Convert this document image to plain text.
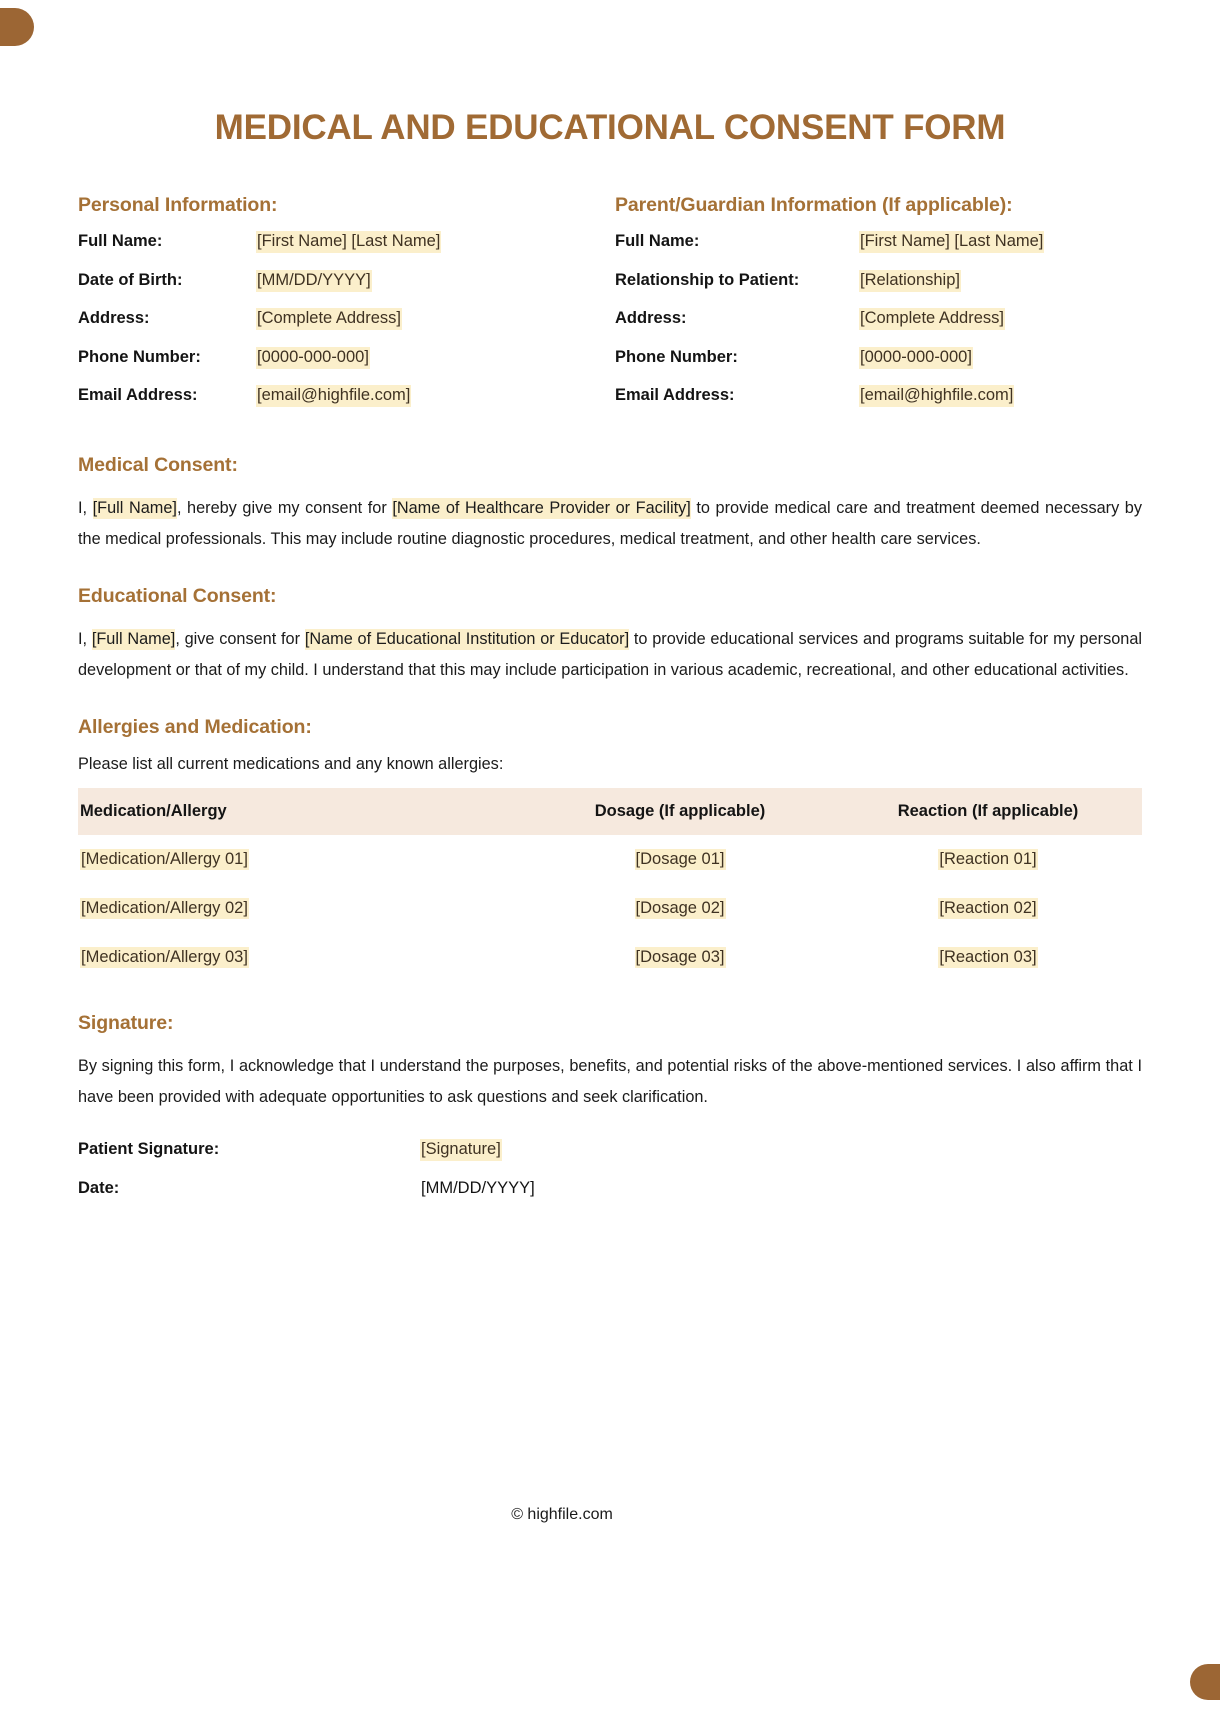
MEDICAL AND EDUCATIONAL CONSENT FORM
Personal Information:
Full Name:	[First Name] [Last Name]
Date of Birth:	[MM/DD/YYYY]
Address:	[Complete Address]
Phone Number:	[0000-000-000]
Email Address:	[email@highfile.com]
Parent/Guardian Information (If applicable):
Full Name:	[First Name] [Last Name]
Relationship to Patient:	[Relationship]
Address:	[Complete Address]
Phone Number:	[0000-000-000]
Email Address:	[email@highfile.com]
Medical Consent:

I, [Full Name], hereby give my consent for [Name of Healthcare Provider or Facility] to provide medical care and treatment deemed necessary by the medical professionals. This may include routine diagnostic procedures, medical treatment, and other health care services.

Educational Consent:

I, [Full Name], give consent for [Name of Educational Institution or Educator] to provide educational services and programs suitable for my personal development or that of my child. I understand that this may include participation in various academic, recreational, and other educational activities.

Allergies and Medication:

Please list all current medications and any known allergies:

Medication/Allergy	Dosage (If applicable)	Reaction (If applicable)
[Medication/Allergy 01]	[Dosage 01]	[Reaction 01]
[Medication/Allergy 02]	[Dosage 02]	[Reaction 02]
[Medication/Allergy 03]	[Dosage 03]	[Reaction 03]
Signature:

By signing this form, I acknowledge that I understand the purposes, benefits, and potential risks of the above-mentioned services. I also affirm that I have been provided with adequate opportunities to ask questions and seek clarification.

Patient Signature:	[Signature]
Date:	[MM/DD/YYYY]
© highfile.com
